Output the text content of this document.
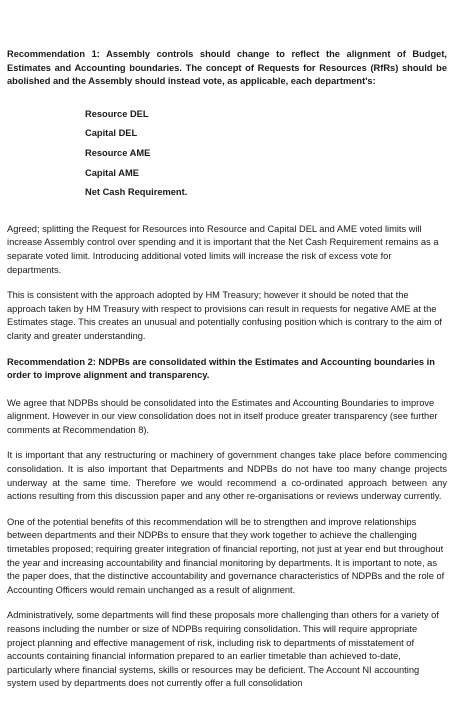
Recommendation 1: Assembly controls should change to reflect the alignment of Budget, Estimates and Accounting boundaries. The concept of Requests for Resources (RfRs) should be abolished and the Assembly should instead vote, as applicable, each department's:

Resource DEL
Capital DEL
Resource AME
Capital AME
Net Cash Requirement.

Agreed; splitting the Request for Resources into Resource and Capital DEL and AME voted limits will increase Assembly control over spending and it is important that the Net Cash Requirement remains as a separate voted limit. Introducing additional voted limits will increase the risk of excess vote for departments.

This is consistent with the approach adopted by HM Treasury; however it should be noted that the approach taken by HM Treasury with respect to provisions can result in requests for negative AME at the Estimates stage. This creates an unusual and potentially confusing position which is contrary to the aim of clarity and greater understanding.

Recommendation 2: NDPBs are consolidated within the Estimates and Accounting boundaries in order to improve alignment and transparency.

We agree that NDPBs should be consolidated into the Estimates and Accounting Boundaries to improve alignment. However in our view consolidation does not in itself produce greater transparency (see further comments at Recommendation 8).

It is important that any restructuring or machinery of government changes take place before commencing consolidation. It is also important that Departments and NDPBs do not have too many change projects underway at the same time. Therefore we would recommend a co-ordinated approach between any actions resulting from this discussion paper and any other re-organisations or reviews underway currently.

One of the potential benefits of this recommendation will be to strengthen and improve relationships between departments and their NDPBs to ensure that they work together to achieve the challenging timetables proposed; requiring greater integration of financial reporting, not just at year end but throughout the year and increasing accountability and financial monitoring by departments. It is important to note, as the paper does, that the distinctive accountability and governance characteristics of NDPBs and the role of Accounting Officers would remain unchanged as a result of alignment.

Administratively, some departments will find these proposals more challenging than others for a variety of reasons including the number or size of NDPBs requiring consolidation. This will require appropriate project planning and effective management of risk, including risk to departments of misstatement of accounts containing financial information prepared to an earlier timetable than achieved to-date, particularly where financial systems, skills or resources may be deficient. The Account NI accounting system used by departments does not currently offer a full consolidation
